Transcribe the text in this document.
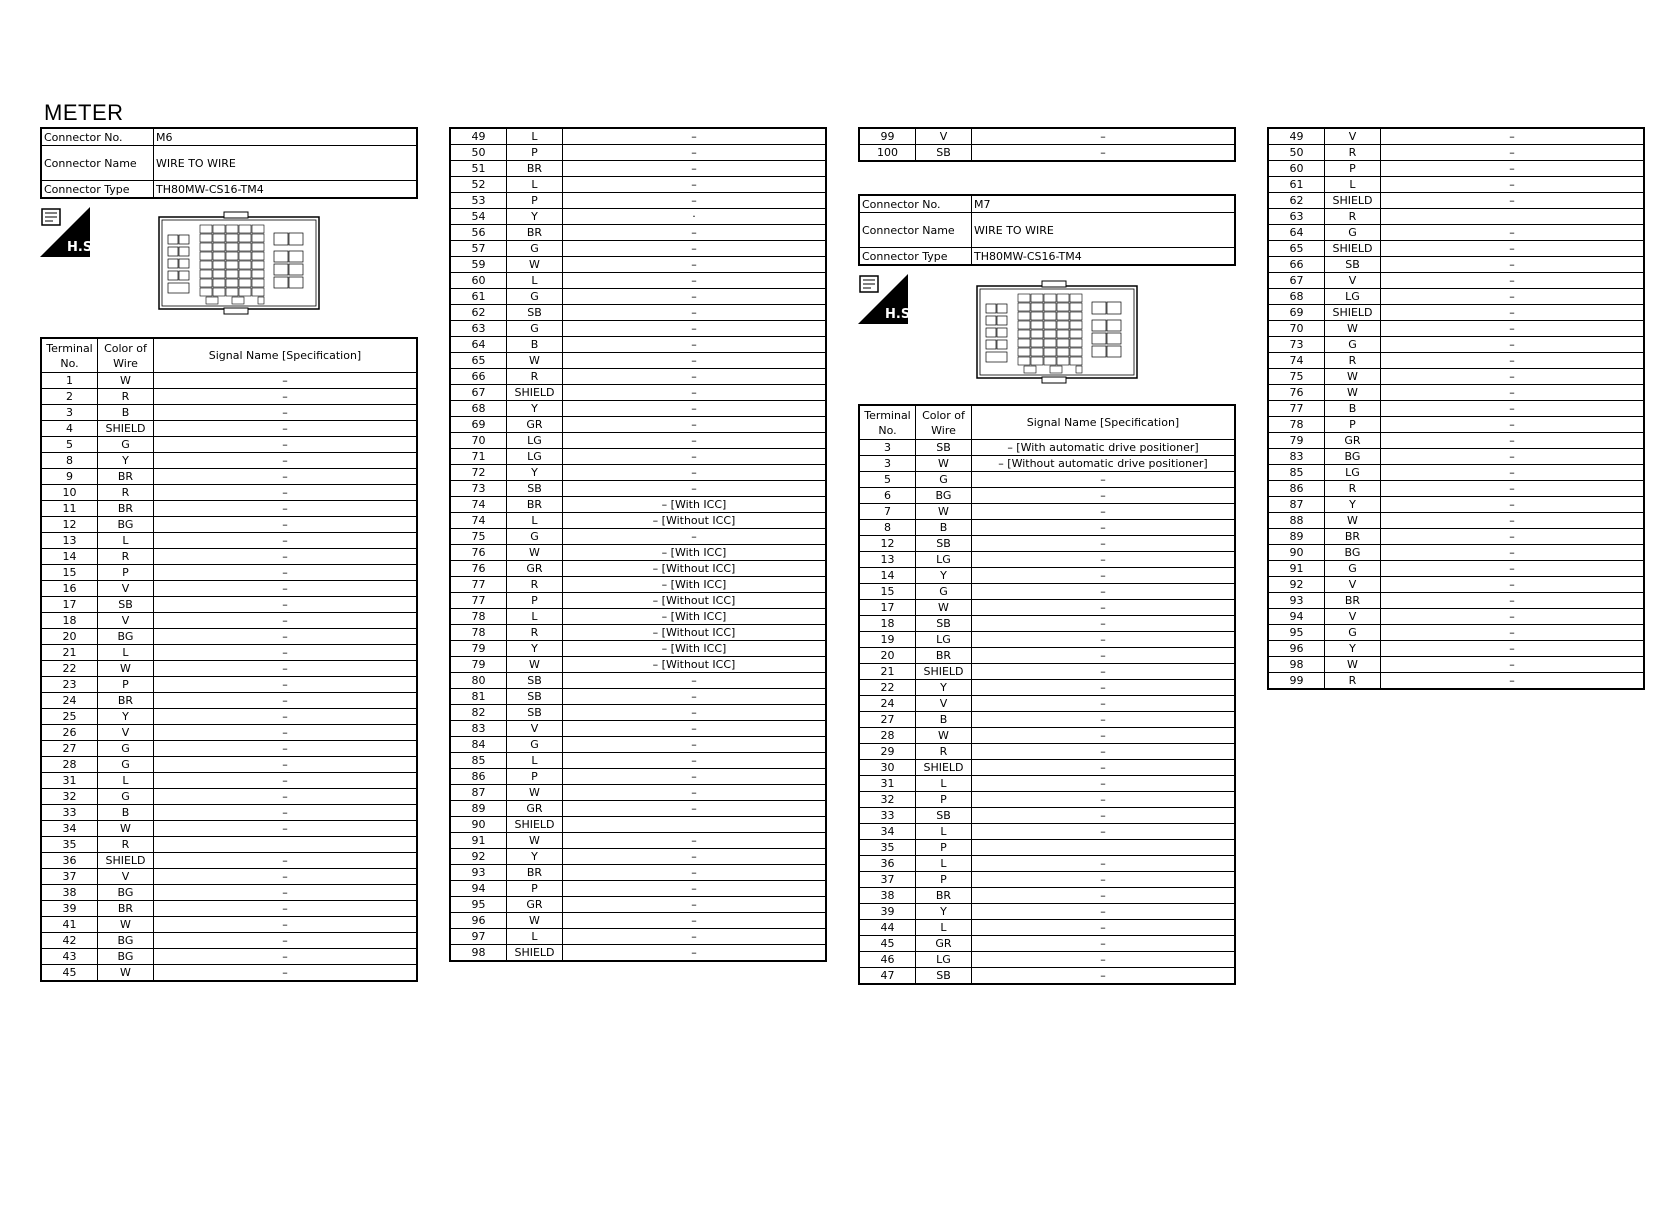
METER
Connector No.	M6
Connector Name	WIRE TO WIRE
Connector Type	TH80MW-CS16-TM4
H.S.
Terminal No.	Color of Wire	Signal Name [Specification]
1	W	–
2	R	–
3	B	–
4	SHIELD	–
5	G	–
8	Y	–
9	BR	–
10	R	–
11	BR	–
12	BG	–
13	L	–
14	R	–
15	P	–
16	V	–
17	SB	–
18	V	–
20	BG	–
21	L	–
22	W	–
23	P	–
24	BR	–
25	Y	–
26	V	–
27	G	–
28	G	–
31	L	–
32	G	–
33	B	–
34	W	–
35	R	
36	SHIELD	–
37	V	–
38	BG	–
39	BR	–
41	W	–
42	BG	–
43	BG	–
45	W	–
49	L	–
50	P	–
51	BR	–
52	L	–
53	P	–
54	Y	·
56	BR	–
57	G	–
59	W	–
60	L	–
61	G	–
62	SB	–
63	G	–
64	B	–
65	W	–
66	R	–
67	SHIELD	–
68	Y	–
69	GR	–
70	LG	–
71	LG	–
72	Y	–
73	SB	–
74	BR	– [With ICC]
74	L	– [Without ICC]
75	G	–
76	W	– [With ICC]
76	GR	– [Without ICC]
77	R	– [With ICC]
77	P	– [Without ICC]
78	L	– [With ICC]
78	R	– [Without ICC]
79	Y	– [With ICC]
79	W	– [Without ICC]
80	SB	–
81	SB	–
82	SB	–
83	V	–
84	G	–
85	L	–
86	P	–
87	W	–
89	GR	–
90	SHIELD	
91	W	–
92	Y	–
93	BR	–
94	P	–
95	GR	–
96	W	–
97	L	–
98	SHIELD	–
99	V	–
100	SB	–
Connector No.	M7
Connector Name	WIRE TO WIRE
Connector Type	TH80MW-CS16-TM4
H.S.
Terminal No.	Color of Wire	Signal Name [Specification]
3	SB	– [With automatic drive positioner]
3	W	– [Without automatic drive positioner]
5	G	–
6	BG	–
7	W	–
8	B	–
12	SB	–
13	LG	–
14	Y	–
15	G	–
17	W	–
18	SB	–
19	LG	–
20	BR	–
21	SHIELD	–
22	Y	–
24	V	–
27	B	–
28	W	–
29	R	–
30	SHIELD	–
31	L	–
32	P	–
33	SB	–
34	L	–
35	P	
36	L	–
37	P	–
38	BR	–
39	Y	–
44	L	–
45	GR	–
46	LG	–
47	SB	–
49	V	–
50	R	–
60	P	–
61	L	–
62	SHIELD	–
63	R	
64	G	–
65	SHIELD	–
66	SB	–
67	V	–
68	LG	–
69	SHIELD	–
70	W	–
73	G	–
74	R	–
75	W	–
76	W	–
77	B	–
78	P	–
79	GR	–
83	BG	–
85	LG	–
86	R	–
87	Y	–
88	W	–
89	BR	–
90	BG	–
91	G	–
92	V	–
93	BR	–
94	V	–
95	G	–
96	Y	–
98	W	–
99	R	–
